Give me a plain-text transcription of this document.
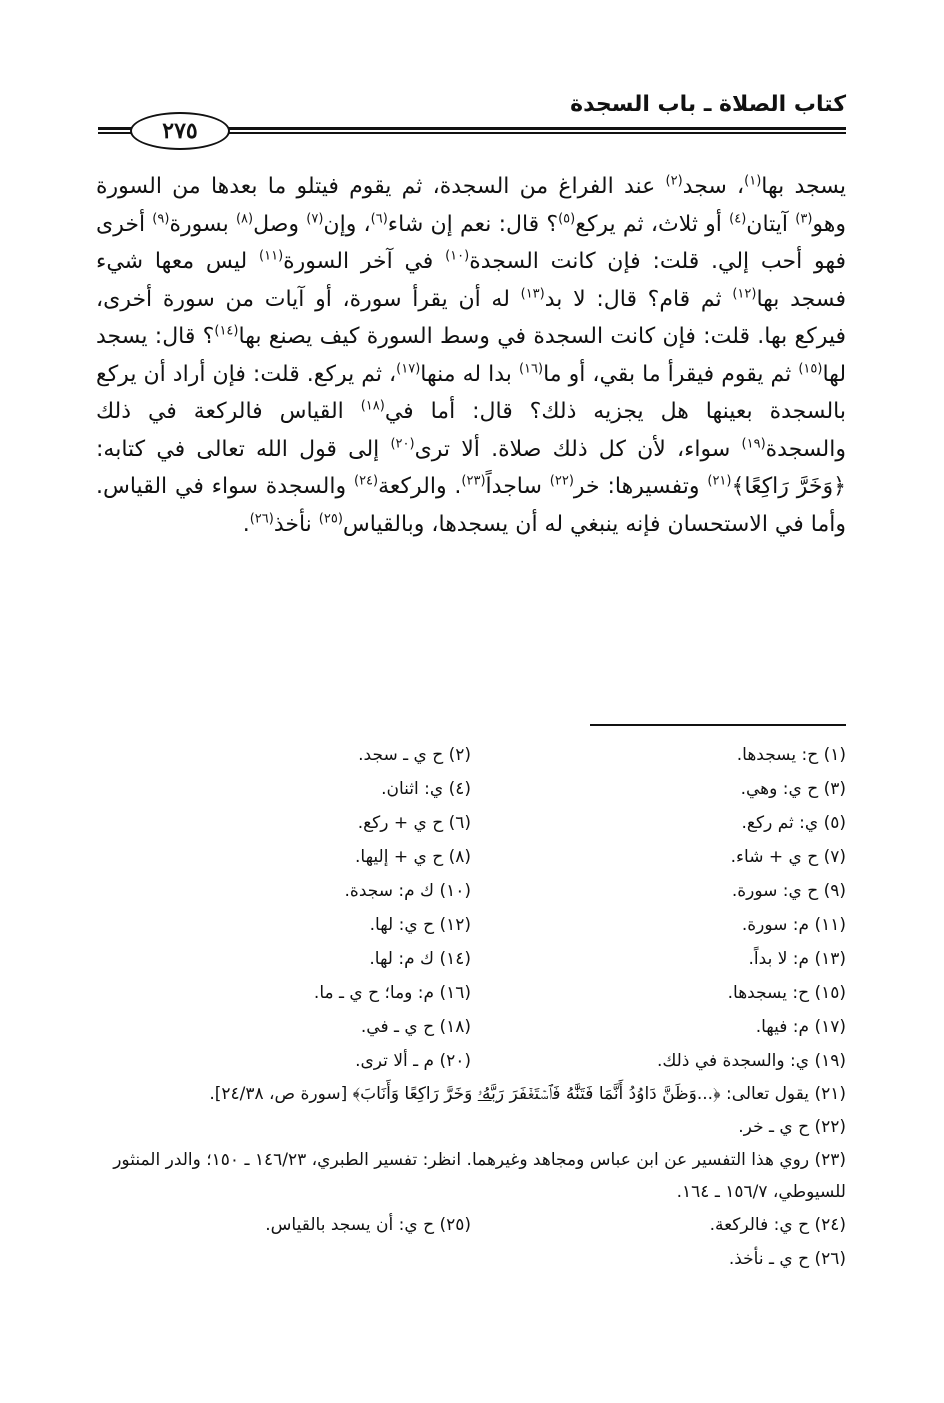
كتاب الصلاة ـ باب السجدة
٢٧٥
يسجد بها$^{(١)}$، سجد$^{(٢)}$ عند الفراغ من السجدة، ثم يقوم فيتلو ما بعدها من السورة وهو$^{(٣)}$ آيتان$^{(٤)}$ أو ثلاث، ثم يركع$^{(٥)}$؟ قال: نعم إن شاء$^{(٦)}$، وإن$^{(٧)}$ وصل$^{(٨)}$ بسورة$^{(٩)}$ أخرى فهو أحب إلي. قلت: فإن كانت السجدة$^{(١٠)}$ في آخر السورة$^{(١١)}$ ليس معها شيء فسجد بها$^{(١٢)}$ ثم قام؟ قال: لا بد$^{(١٣)}$ له أن يقرأ سورة، أو آيات من سورة أخرى، فيركع بها. قلت: فإن كانت السجدة في وسط السورة كيف يصنع بها$^{(١٤)}$؟ قال: يسجد لها$^{(١٥)}$ ثم يقوم فيقرأ ما بقي، أو ما$^{(١٦)}$ بدا له منها$^{(١٧)}$، ثم يركع. قلت: فإن أراد أن يركع بالسجدة بعينها هل يجزيه ذلك؟ قال: أما في$^{(١٨)}$ القياس فالركعة في ذلك والسجدة$^{(١٩)}$ سواء، لأن كل ذلك صلاة. ألا ترى$^{(٢٠)}$ إلى قول الله تعالى في كتابه: ﴿وَخَرَّ رَاكِعًا﴾$^{(٢١)}$ وتفسيرها: خر$^{(٢٢)}$ ساجداً$^{(٢٣)}$. والركعة$^{(٢٤)}$ والسجدة سواء في القياس. وأما في الاستحسان فإنه ينبغي له أن يسجدها، وبالقياس$^{(٢٥)}$ نأخذ$^{(٢٦)}$.
(١) ح: يسجدها.
(٢) ح ي ـ سجد.
(٣) ح ي: وهي.
(٤) ي: اثنان.
(٥) ي: ثم ركع.
(٦) ح ي + ركع.
(٧) ح ي + شاء.
(٨) ح ي + إليها.
(٩) ح ي: سورة.
(١٠) ك م: سجدة.
(١١) م: سورة.
(١٢) ح ي: لها.
(١٣) م: لا بداً.
(١٤) ك م: لها.
(١٥) ح: يسجدها.
(١٦) م: وما؛ ح ي ـ ما.
(١٧) م: فيها.
(١٨) ح ي ـ في.
(١٩) ي: والسجدة في ذلك.
(٢٠) م ـ ألا ترى.
(٢١) يقول تعالى: ﴿...وَظَنَّ دَاوُدُ أَنَّمَا فَتَنَّٰهُ فَٱسۡتَغۡفَرَ رَبَّهُۥ وَخَرَّ رَاكِعًا وَأَنَابَ﴾ [سورة ص، ٢٤/٣٨].
(٢٢) ح ي ـ خر.
(٢٣) روي هذا التفسير عن ابن عباس ومجاهد وغيرهما. انظر: تفسير الطبري، ١٤٦/٢٣ ـ ١٥٠؛ والدر المنثور للسيوطي، ١٥٦/٧ ـ ١٦٤.
(٢٤) ح ي: فالركعة.
(٢٥) ح ي: أن يسجد بالقياس.
(٢٦) ح ي ـ نأخذ.
